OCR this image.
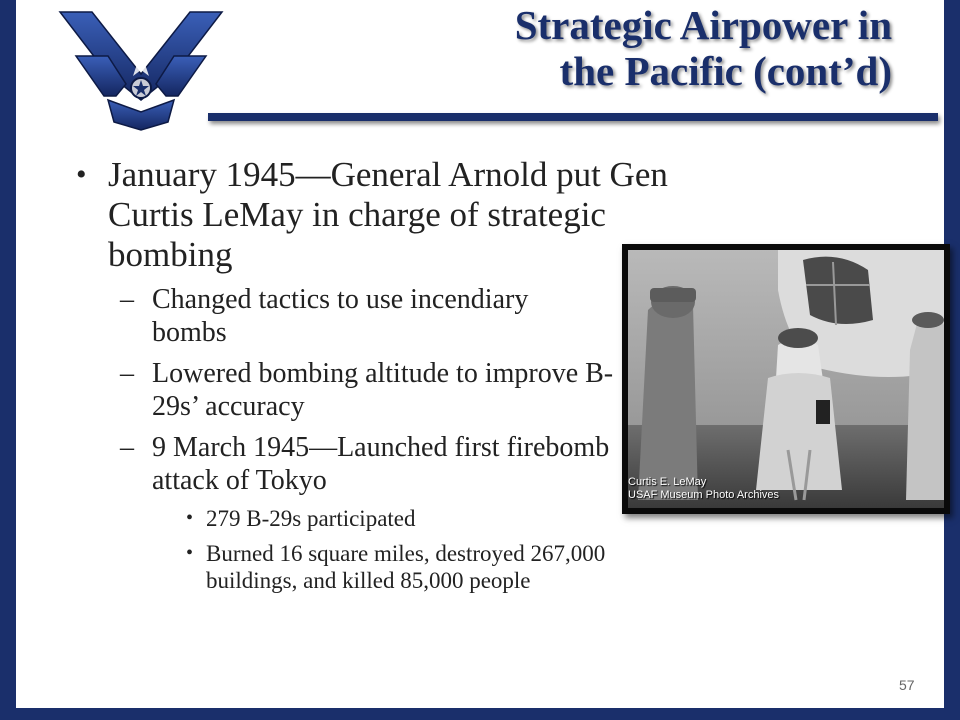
Strategic Airpower in
the Pacific (cont’d)
• January 1945—General Arnold put Gen Curtis LeMay in charge of strategic bombing
– Changed tactics to use incendiary bombs
– Lowered bombing altitude to improve B-29s’ accuracy
– 9 March 1945—Launched first firebomb attack of Tokyo
• 279 B-29s participated
• Burned 16 square miles, destroyed 267,000 buildings, and killed 85,000 people
57
Curtis E. LeMay
USAF Museum Photo Archives
